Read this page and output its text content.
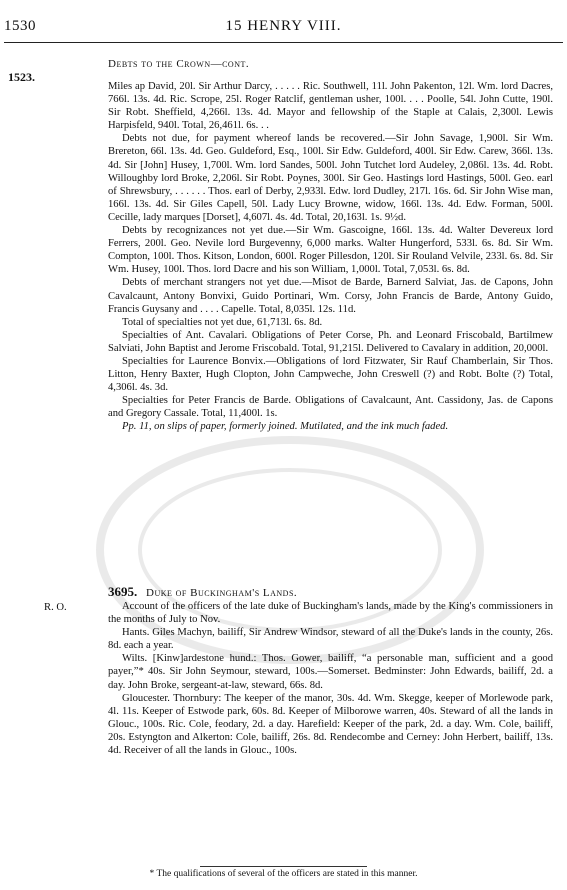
1530	15 HENRY VIII.
1523.
Debts to the Crown—cont.

Miles ap David, 20l. Sir Arthur Darcy, . . . . . Ric. Southwell, 11l. John Pakenton, 12l. Wm. lord Dacres, 766l. 13s. 4d. Ric. Scrope, 25l. Roger Ratclif, gentleman usher, 100l. . . . Poolle, 54l. John Cutte, 190l. Sir Robt. Sheffield, 4,266l. 13s. 4d. Mayor and fellowship of the Staple at Calais, 2,300l. Lewis Harpisfeld, 940l. Total, 26,461l. 6s. . .

Debts not due, for payment whereof lands be recovered.—Sir John Savage, 1,900l. Sir Wm. Brereton, 66l. 13s. 4d. Geo. Guldeford, Esq., 100l. Sir Edw. Guldeford, 400l. Sir Edw. Carew, 366l. 13s. 4d. Sir [John] Husey, 1,700l. Wm. lord Sandes, 500l. John Tutchet lord Audeley, 2,086l. 13s. 4d. Robt. Willoughby lord Broke, 2,206l. Sir Robt. Poynes, 300l. Sir Geo. Hastings lord Hastings, 500l. Geo. earl of Shrewsbury, . . . . . . Thos. earl of Derby, 2,933l. Edw. lord Dudley, 217l. 16s. 6d. Sir John Wise man, 166l. 13s. 4d. Sir Giles Capell, 50l. Lady Lucy Browne, widow, 166l. 13s. 4d. Edw. Forman, 500l. Cecille, lady marques [Dorset], 4,607l. 4s. 4d. Total, 20,163l. 1s. 9½d.

Debts by recognizances not yet due.—Sir Wm. Gascoigne, 166l. 13s. 4d. Walter Devereux lord Ferrers, 200l. Geo. Nevile lord Burgevenny, 6,000 marks. Walter Hungerford, 533l. 6s. 8d. Sir Wm. Compton, 100l. Thos. Kitson, London, 600l. Roger Pillesdon, 120l. Sir Rouland Velvile, 233l. 6s. 8d. Sir Wm. Husey, 100l. Thos. lord Dacre and his son William, 1,000l. Total, 7,053l. 6s. 8d.

Debts of merchant strangers not yet due.—Misot de Barde, Barnerd Salviat, Jas. de Capons, John Cavalcaunt, Antony Bonvixi, Guido Portinari, Wm. Corsy, John Francis de Barde, Antony Guido, Francis Guysany and . . . . Capelle. Total, 8,035l. 12s. 11d.

Total of specialties not yet due, 61,713l. 6s. 8d.

Specialties of Ant. Cavalari. Obligations of Peter Corse, Ph. and Leonard Friscobald, Bartilmew Salviati, John Baptist and Jerome Friscobald. Total, 91,215l. Delivered to Cavalary in addition, 20,000l.

Specialties for Laurence Bonvix.—Obligations of lord Fitzwater, Sir Rauf Chamberlain, Sir Thos. Litton, Henry Baxter, Hugh Clopton, John Campweche, John Creswell (?) and Robt. Bolte (?) Total, 4,306l. 4s. 3d.

Specialties for Peter Francis de Barde. Obligations of Cavalcaunt, Ant. Cassidony, Jas. de Capons and Gregory Cassale. Total, 11,400l. 1s.

Pp. 11, on slips of paper, formerly joined. Mutilated, and the ink much faded.

3695. Duke of Buckingham's Lands.
R. O.	Account of the officers of the late duke of Buckingham's lands, made by the King's commissioners in the months of July to Nov.

Hants. Giles Machyn, bailiff, Sir Andrew Windsor, steward of all the Duke's lands in the county, 26s. 8d. each a year.

Wilts. [Kinw]ardestone hund.: Thos. Gower, bailiff, “a personable man, sufficient and a good payer,”* 40s. Sir John Seymour, steward, 100s.—Somerset. Bedminster: John Edwards, bailiff, 2d. a day. John Broke, sergeant-at-law, steward, 66s. 8d.

Gloucester. Thornbury: The keeper of the manor, 30s. 4d. Wm. Skegge, keeper of Morlewode park, 4l. 11s. Keeper of Estwode park, 60s. 8d. Keeper of Milborowe warren, 40s. Steward of all the lands in Glouc., 100s. Ric. Cole, feodary, 2d. a day. Harefield: Keeper of the park, 2d. a day. Wm. Cole, bailiff, 20s. Estyngton and Alkerton: Cole, bailiff, 26s. 8d. Rendecombe and Cerney: John Herbert, bailiff, 13s. 4d. Receiver of all the lands in Glouc., 100s.

* The qualifications of several of the officers are stated in this manner.
